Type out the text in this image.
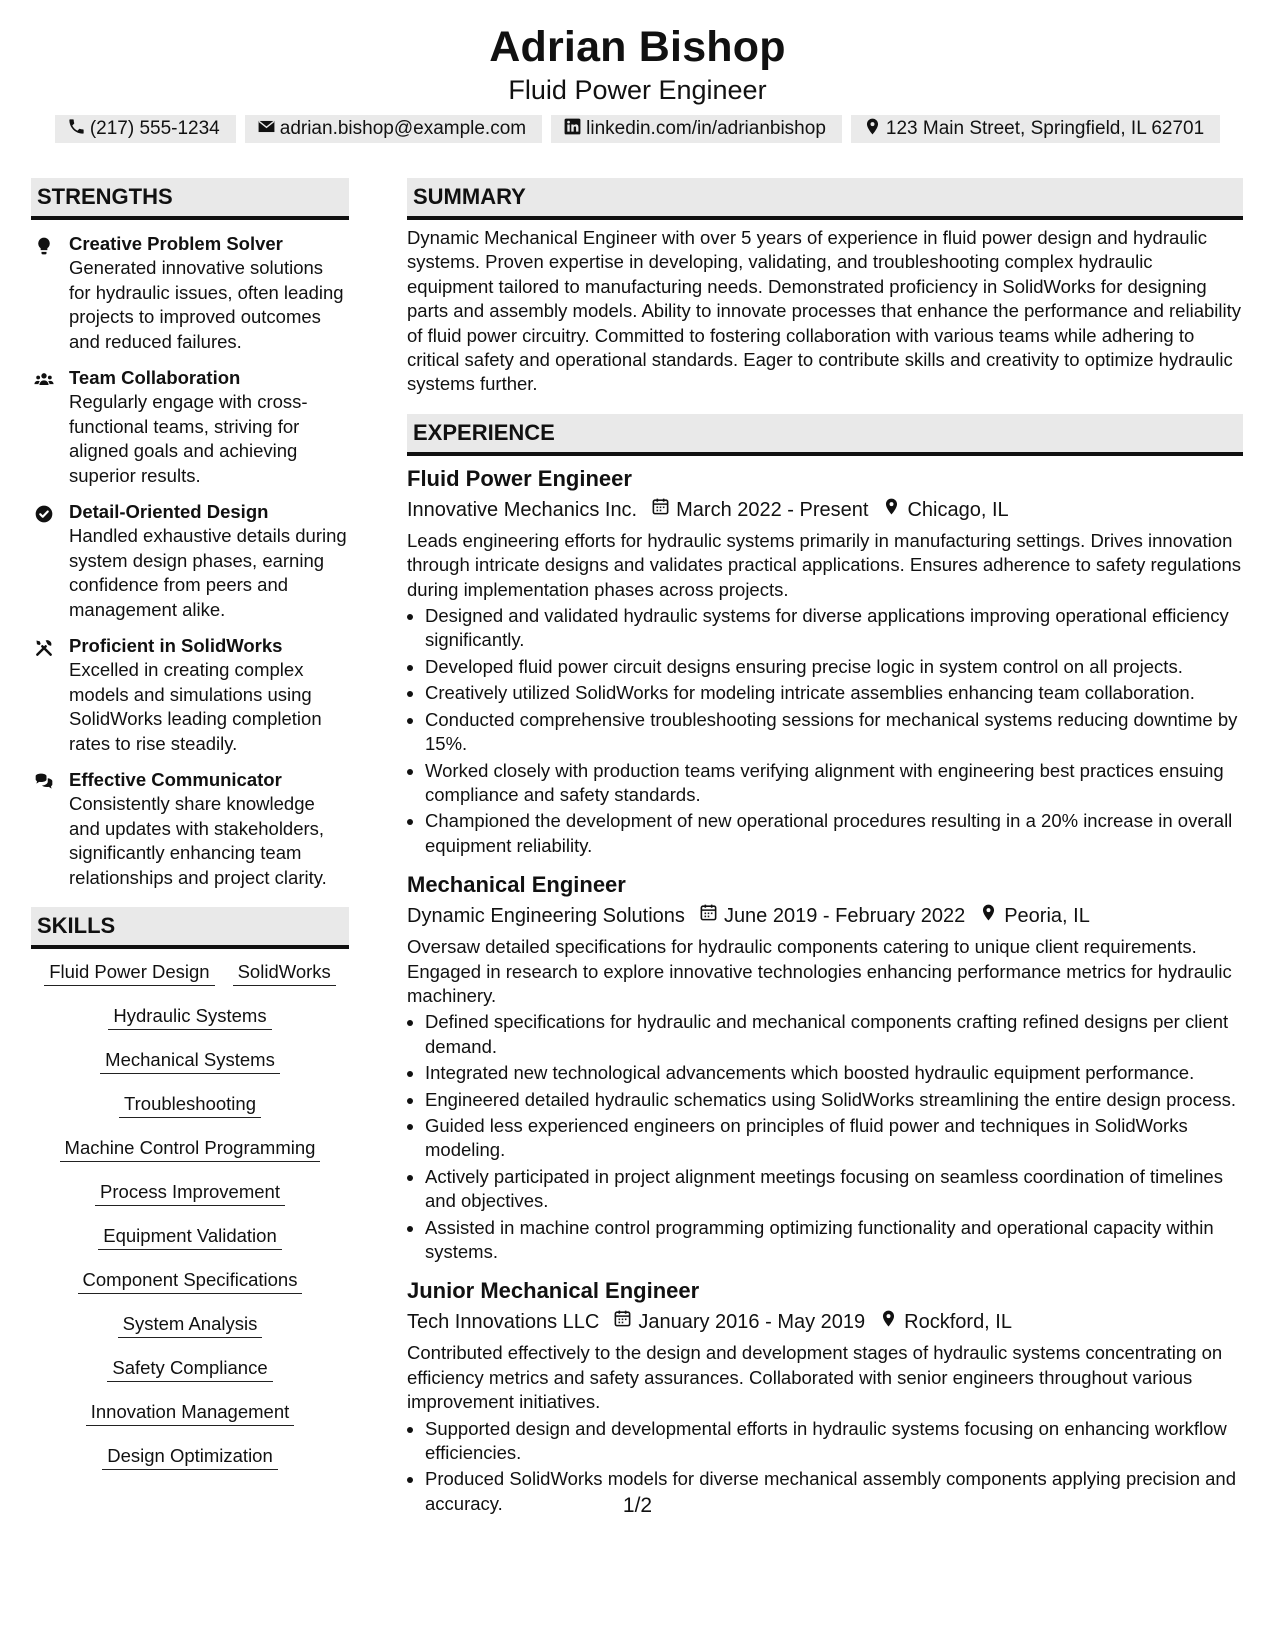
Adrian Bishop
Fluid Power Engineer
(217) 555-1234	adrian.bishop@example.com	linkedin.com/in/adrianbishop	123 Main Street, Springfield, IL 62701
STRENGTHS
Creative Problem Solver
Generated innovative solutions for hydraulic issues, often leading projects to improved outcomes and reduced failures.
Team Collaboration
Regularly engage with cross-functional teams, striving for aligned goals and achieving superior results.
Detail-Oriented Design
Handled exhaustive details during system design phases, earning confidence from peers and management alike.
Proficient in SolidWorks
Excelled in creating complex models and simulations using SolidWorks leading completion rates to rise steadily.
Effective Communicator
Consistently share knowledge and updates with stakeholders, significantly enhancing team relationships and project clarity.
SKILLS
Fluid Power Design SolidWorks
Hydraulic Systems
Mechanical Systems
Troubleshooting
Machine Control Programming
Process Improvement
Equipment Validation
Component Specifications
System Analysis
Safety Compliance
Innovation Management
Design Optimization
SUMMARY
Dynamic Mechanical Engineer with over 5 years of experience in fluid power design and hydraulic systems. Proven expertise in developing, validating, and troubleshooting complex hydraulic equipment tailored to manufacturing needs. Demonstrated proficiency in SolidWorks for designing parts and assembly models. Ability to innovate processes that enhance the performance and reliability of fluid power circuitry. Committed to fostering collaboration with various teams while adhering to critical safety and operational standards. Eager to contribute skills and creativity to optimize hydraulic systems further.
EXPERIENCE
Fluid Power Engineer
Innovative Mechanics Inc. March 2022 - Present Chicago, IL
Leads engineering efforts for hydraulic systems primarily in manufacturing settings. Drives innovation through intricate designs and validates practical applications. Ensures adherence to safety regulations during implementation phases across projects.
• Designed and validated hydraulic systems for diverse applications improving operational efficiency significantly.
• Developed fluid power circuit designs ensuring precise logic in system control on all projects.
• Creatively utilized SolidWorks for modeling intricate assemblies enhancing team collaboration.
• Conducted comprehensive troubleshooting sessions for mechanical systems reducing downtime by 15%.
• Worked closely with production teams verifying alignment with engineering best practices ensuing compliance and safety standards.
• Championed the development of new operational procedures resulting in a 20% increase in overall equipment reliability.
Mechanical Engineer
Dynamic Engineering Solutions June 2019 - February 2022 Peoria, IL
Oversaw detailed specifications for hydraulic components catering to unique client requirements. Engaged in research to explore innovative technologies enhancing performance metrics for hydraulic machinery.
• Defined specifications for hydraulic and mechanical components crafting refined designs per client demand.
• Integrated new technological advancements which boosted hydraulic equipment performance.
• Engineered detailed hydraulic schematics using SolidWorks streamlining the entire design process.
• Guided less experienced engineers on principles of fluid power and techniques in SolidWorks modeling.
• Actively participated in project alignment meetings focusing on seamless coordination of timelines and objectives.
• Assisted in machine control programming optimizing functionality and operational capacity within systems.
Junior Mechanical Engineer
Tech Innovations LLC January 2016 - May 2019 Rockford, IL
Contributed effectively to the design and development stages of hydraulic systems concentrating on efficiency metrics and safety assurances. Collaborated with senior engineers throughout various improvement initiatives.
• Supported design and developmental efforts in hydraulic systems focusing on enhancing workflow efficiencies.
• Produced SolidWorks models for diverse mechanical assembly components applying precision and accuracy.	1/2
